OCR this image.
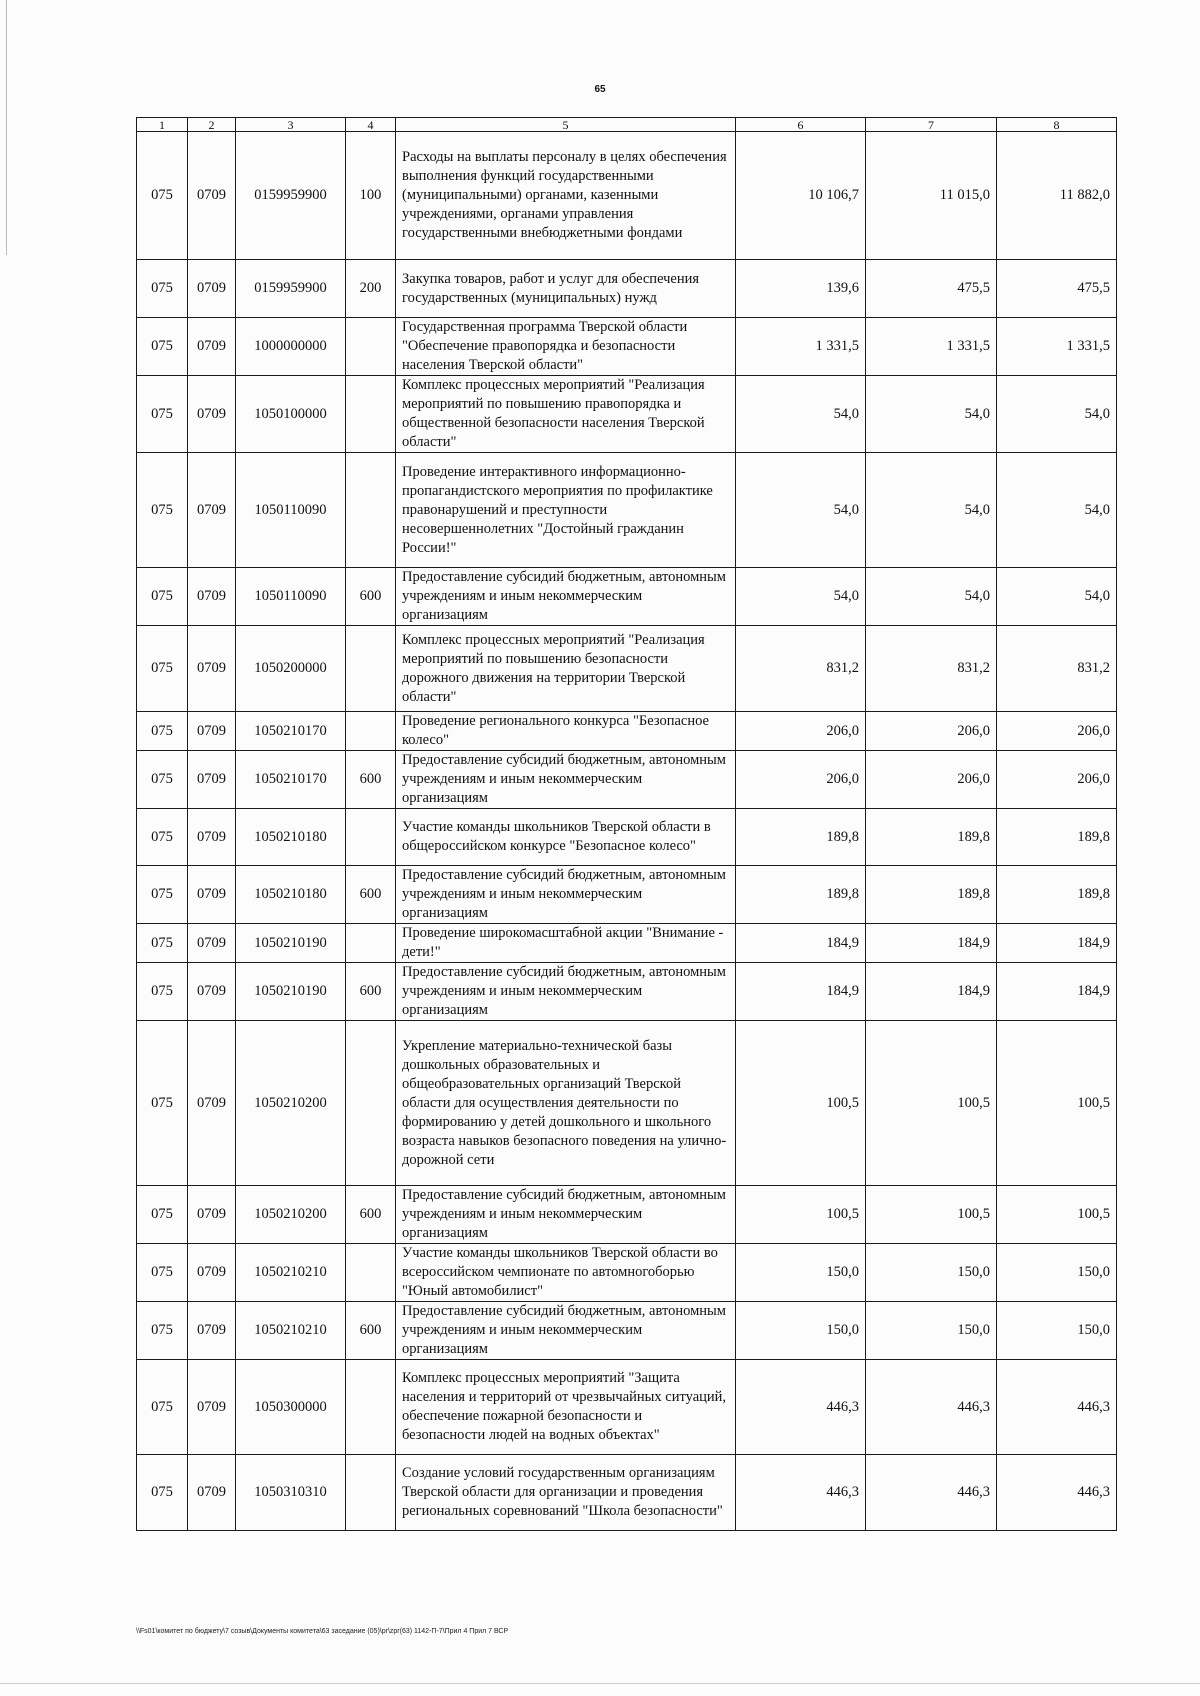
65
1	2	3	4	5	6	7	8
075	0709	0159959900	100	Расходы на выплаты персоналу в целях обеспечения выполнения функций государственными (муниципальными) органами, казенными учреждениями, органами управления государственными внебюджетными фондами	10 106,7	11 015,0	11 882,0
075	0709	0159959900	200	Закупка товаров, работ и услуг для обеспечения государственных (муниципальных) нужд	139,6	475,5	475,5
075	0709	1000000000		Государственная программа Тверской области "Обеспечение правопорядка и безопасности населения Тверской области"	1 331,5	1 331,5	1 331,5
075	0709	1050100000		Комплекс процессных мероприятий "Реализация мероприятий по повышению правопорядка и общественной безопасности населения Тверской области"	54,0	54,0	54,0
075	0709	1050110090		Проведение интерактивного информационно-пропагандистского мероприятия по профилактике правонарушений и преступности несовершеннолетних "Достойный гражданин России!"	54,0	54,0	54,0
075	0709	1050110090	600	Предоставление субсидий бюджетным, автономным учреждениям и иным некоммерческим организациям	54,0	54,0	54,0
075	0709	1050200000		Комплекс процессных мероприятий "Реализация мероприятий по повышению безопасности дорожного движения на территории Тверской области"	831,2	831,2	831,2
075	0709	1050210170		Проведение регионального конкурса "Безопасное колесо"	206,0	206,0	206,0
075	0709	1050210170	600	Предоставление субсидий бюджетным, автономным учреждениям и иным некоммерческим организациям	206,0	206,0	206,0
075	0709	1050210180		Участие команды школьников Тверской области в общероссийском конкурсе "Безопасное колесо"	189,8	189,8	189,8
075	0709	1050210180	600	Предоставление субсидий бюджетным, автономным учреждениям и иным некоммерческим организациям	189,8	189,8	189,8
075	0709	1050210190		Проведение широкомасштабной акции "Внимание - дети!"	184,9	184,9	184,9
075	0709	1050210190	600	Предоставление субсидий бюджетным, автономным учреждениям и иным некоммерческим организациям	184,9	184,9	184,9
075	0709	1050210200		Укрепление материально-технической базы дошкольных образовательных и общеобразовательных организаций Тверской области для осуществления деятельности по формированию у детей дошкольного и школьного возраста навыков безопасного поведения на улично-дорожной сети	100,5	100,5	100,5
075	0709	1050210200	600	Предоставление субсидий бюджетным, автономным учреждениям и иным некоммерческим организациям	100,5	100,5	100,5
075	0709	1050210210		Участие команды школьников Тверской области во всероссийском чемпионате по автомногоборью "Юный автомобилист"	150,0	150,0	150,0
075	0709	1050210210	600	Предоставление субсидий бюджетным, автономным учреждениям и иным некоммерческим организациям	150,0	150,0	150,0
075	0709	1050300000		Комплекс процессных мероприятий "Защита населения и территорий от чрезвычайных ситуаций, обеспечение пожарной безопасности и безопасности людей на водных объектах"	446,3	446,3	446,3
075	0709	1050310310		Создание условий государственным организациям Тверской области для организации и проведения региональных соревнований "Школа безопасности"	446,3	446,3	446,3
\\Fs01\комитет по бюджету\7 созыв\Документы комитета\63 заседание (05)\pr\zpr(63) 1142-П-7\Прил 4 Прил 7 ВСР
